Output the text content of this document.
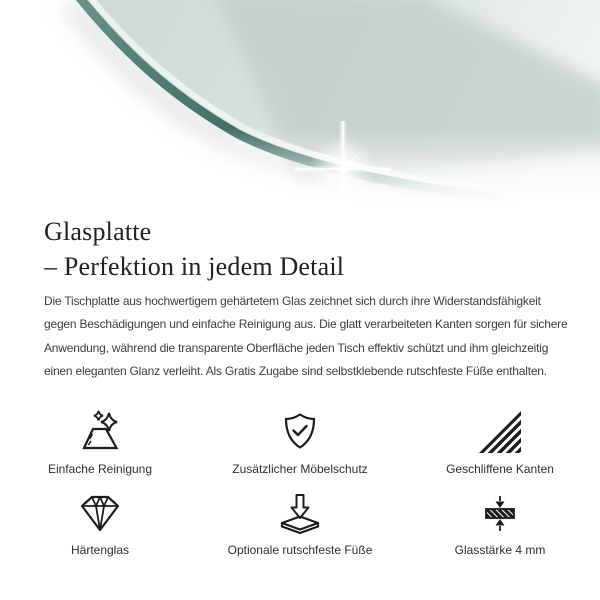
Glasplatte
– Perfektion in jedem Detail

Die Tischplatte aus hochwertigem gehärtetem Glas zeichnet sich durch ihre Widerstandsfähigkeit

gegen Beschädigungen und einfache Reinigung aus. Die glatt verarbeiteten Kanten sorgen für sichere

Anwendung, während die transparente Oberfläche jeden Tisch effektiv schützt und ihm gleichzeitig

einen eleganten Glanz verleiht. Als Gratis Zugabe sind selbstklebende rutschfeste Füße enthalten.

Einfache Reinigung	Zusätzlicher Möbelschutz	Geschliffene Kanten
Härtenglas	Optionale rutschfeste Füße	Glasstärke 4 mm
